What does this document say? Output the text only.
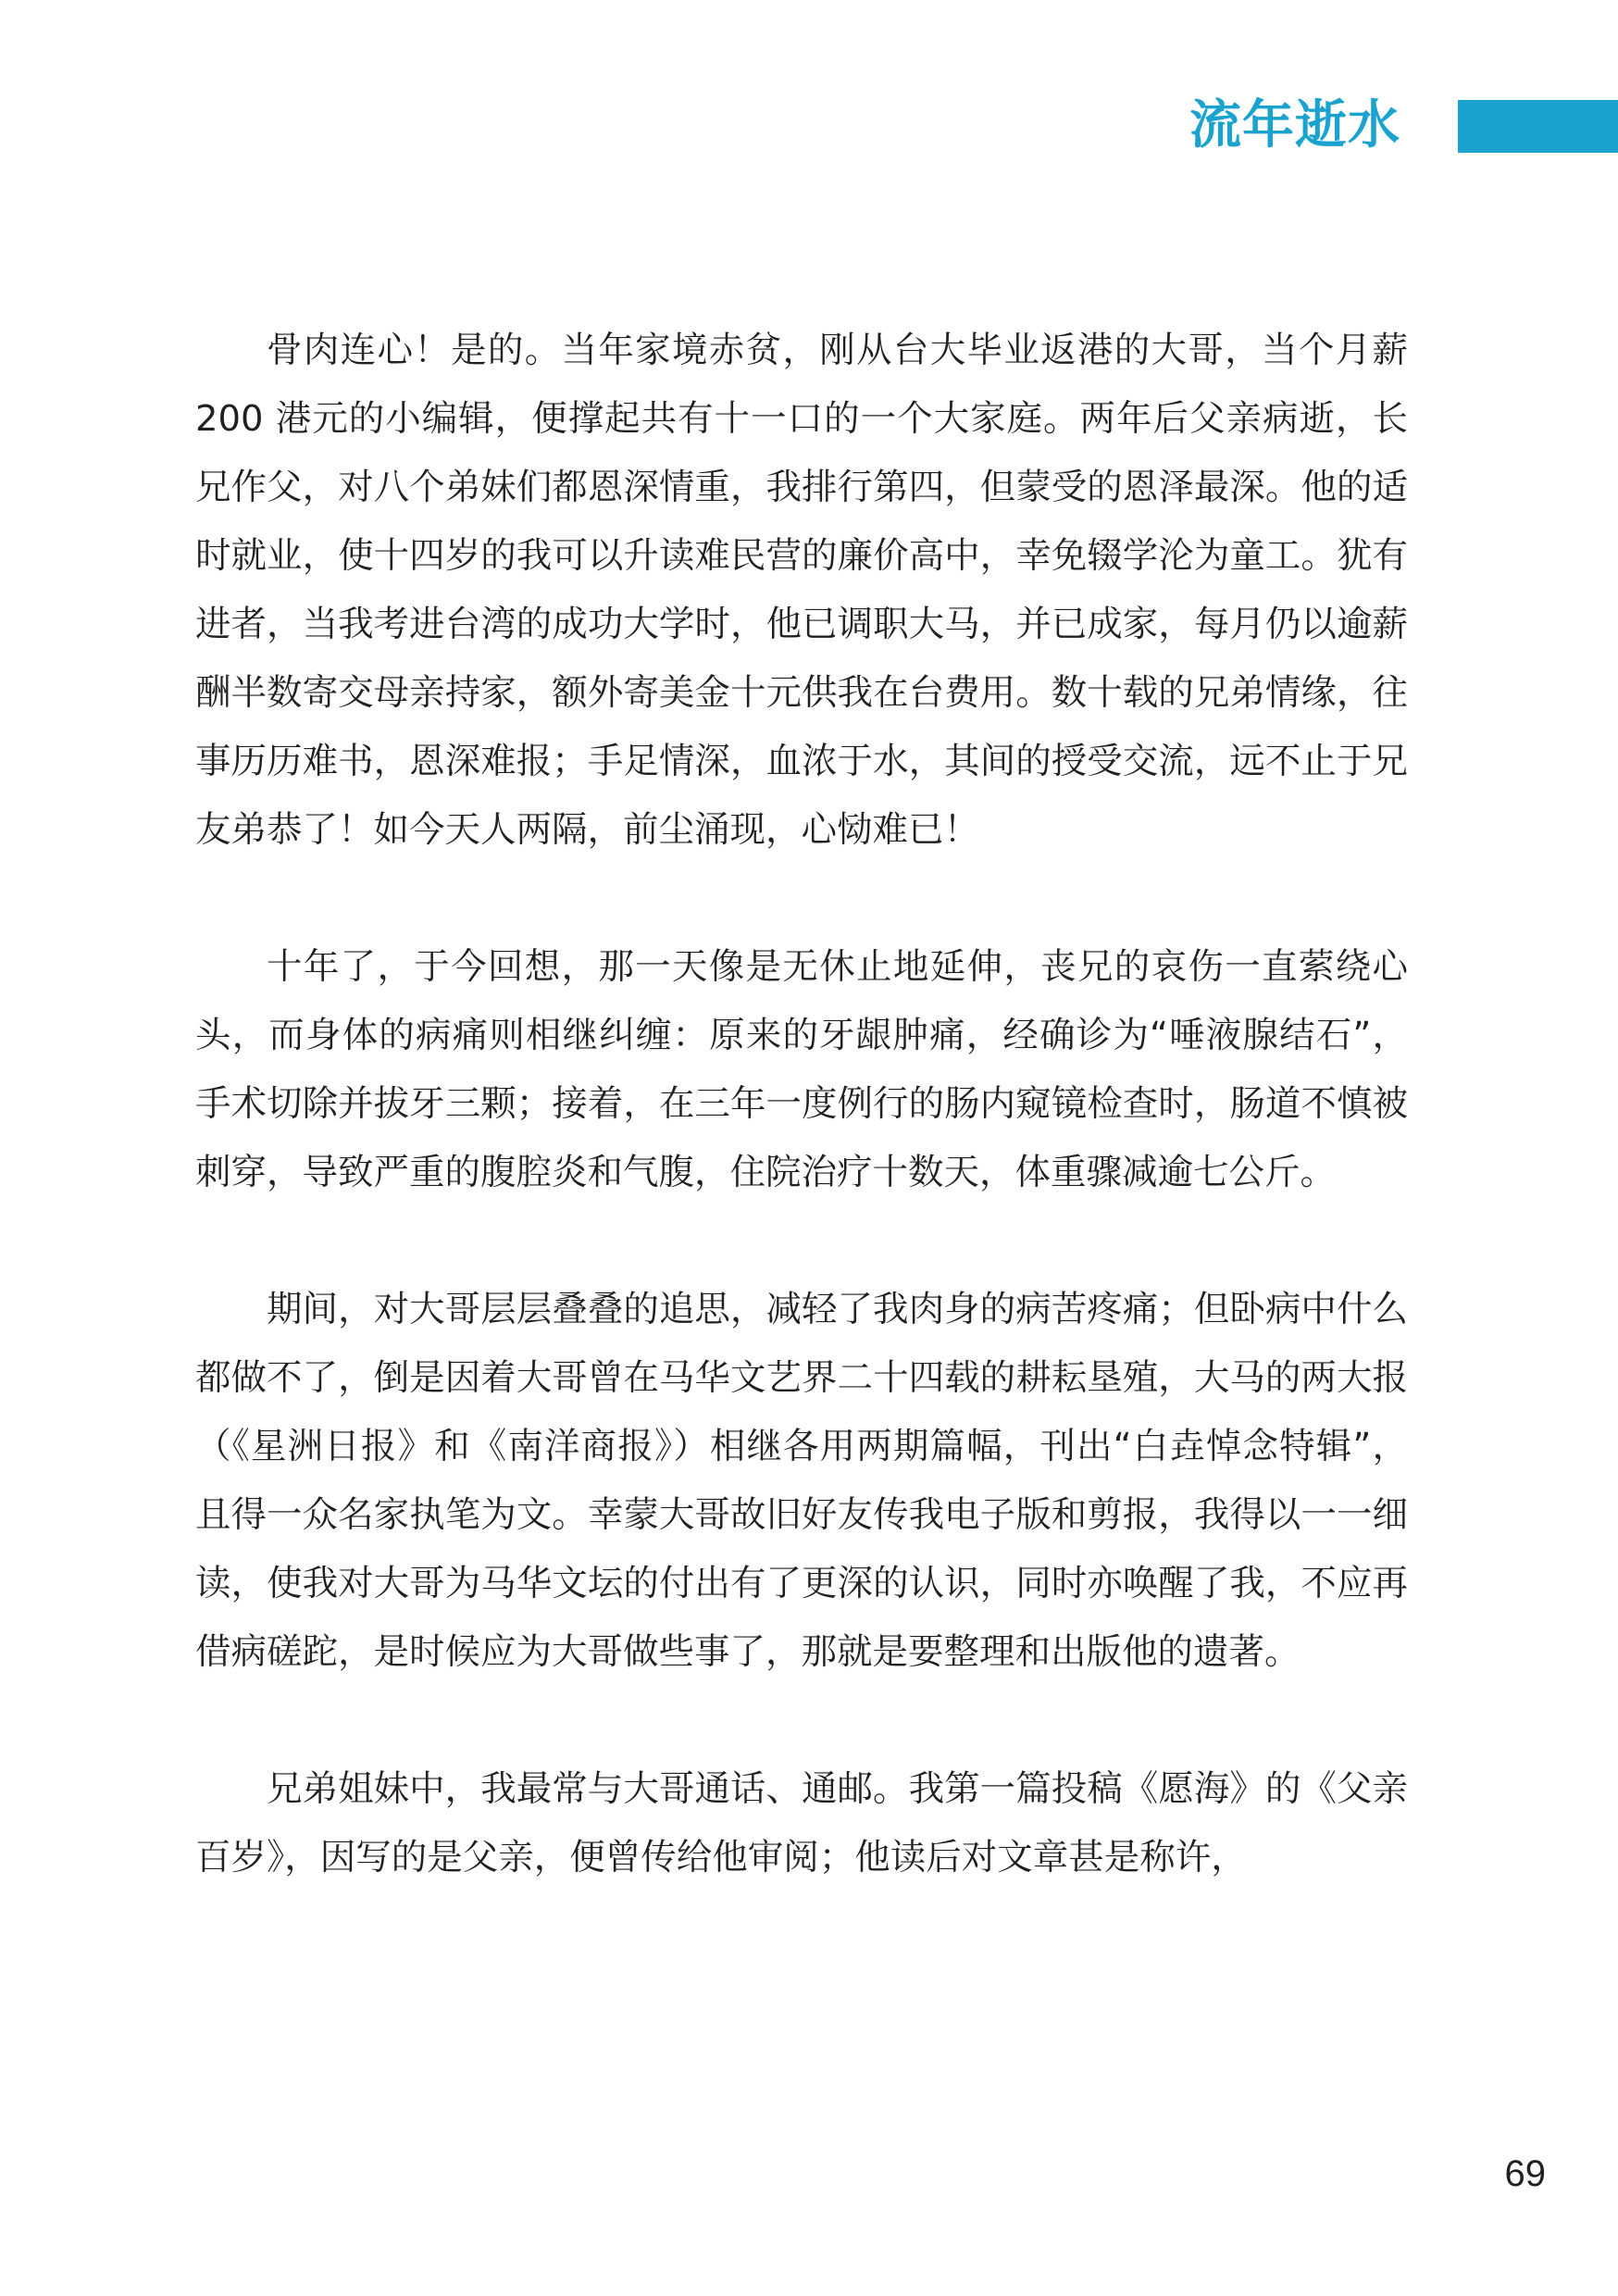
流年逝水

骨肉连心！是的。当年家境赤贫，刚从台大毕业返港的大哥，当个月薪 200 港元的小编辑，便撑起共有十一口的一个大家庭。两年后父亲病逝，长兄作父，对八个弟妹们都恩深情重，我排行第四，但蒙受的恩泽最深。他的适时就业，使十四岁的我可以升读难民营的廉价高中，幸免辍学沦为童工。犹有进者，当我考进台湾的成功大学时，他已调职大马，并已成家，每月仍以逾薪酬半数寄交母亲持家，额外寄美金十元供我在台费用。数十载的兄弟情缘，往事历历难书，恩深难报；手足情深，血浓于水，其间的授受交流，远不止于兄友弟恭了！如今天人两隔，前尘涌现，心恸难已！

十年了，于今回想，那一天像是无休止地延伸，丧兄的哀伤一直萦绕心头，而身体的病痛则相继纠缠：原来的牙龈肿痛，经确诊为“唾液腺结石”，手术切除并拔牙三颗；接着，在三年一度例行的肠内窥镜检查时，肠道不慎被刺穿，导致严重的腹腔炎和气腹，住院治疗十数天，体重骤减逾七公斤。

期间，对大哥层层叠叠的追思，减轻了我肉身的病苦疼痛；但卧病中什么都做不了，倒是因着大哥曾在马华文艺界二十四载的耕耘垦殖，大马的两大报（《星洲日报》和《南洋商报》）相继各用两期篇幅，刊出“白垚悼念特辑”，且得一众名家执笔为文。幸蒙大哥故旧好友传我电子版和剪报，我得以一一细读，使我对大哥为马华文坛的付出有了更深的认识，同时亦唤醒了我，不应再借病磋跎，是时候应为大哥做些事了，那就是要整理和出版他的遗著。

兄弟姐妹中，我最常与大哥通话、通邮。我第一篇投稿《愿海》的《父亲百岁》，因写的是父亲，便曾传给他审阅；他读后对文章甚是称许，

69
